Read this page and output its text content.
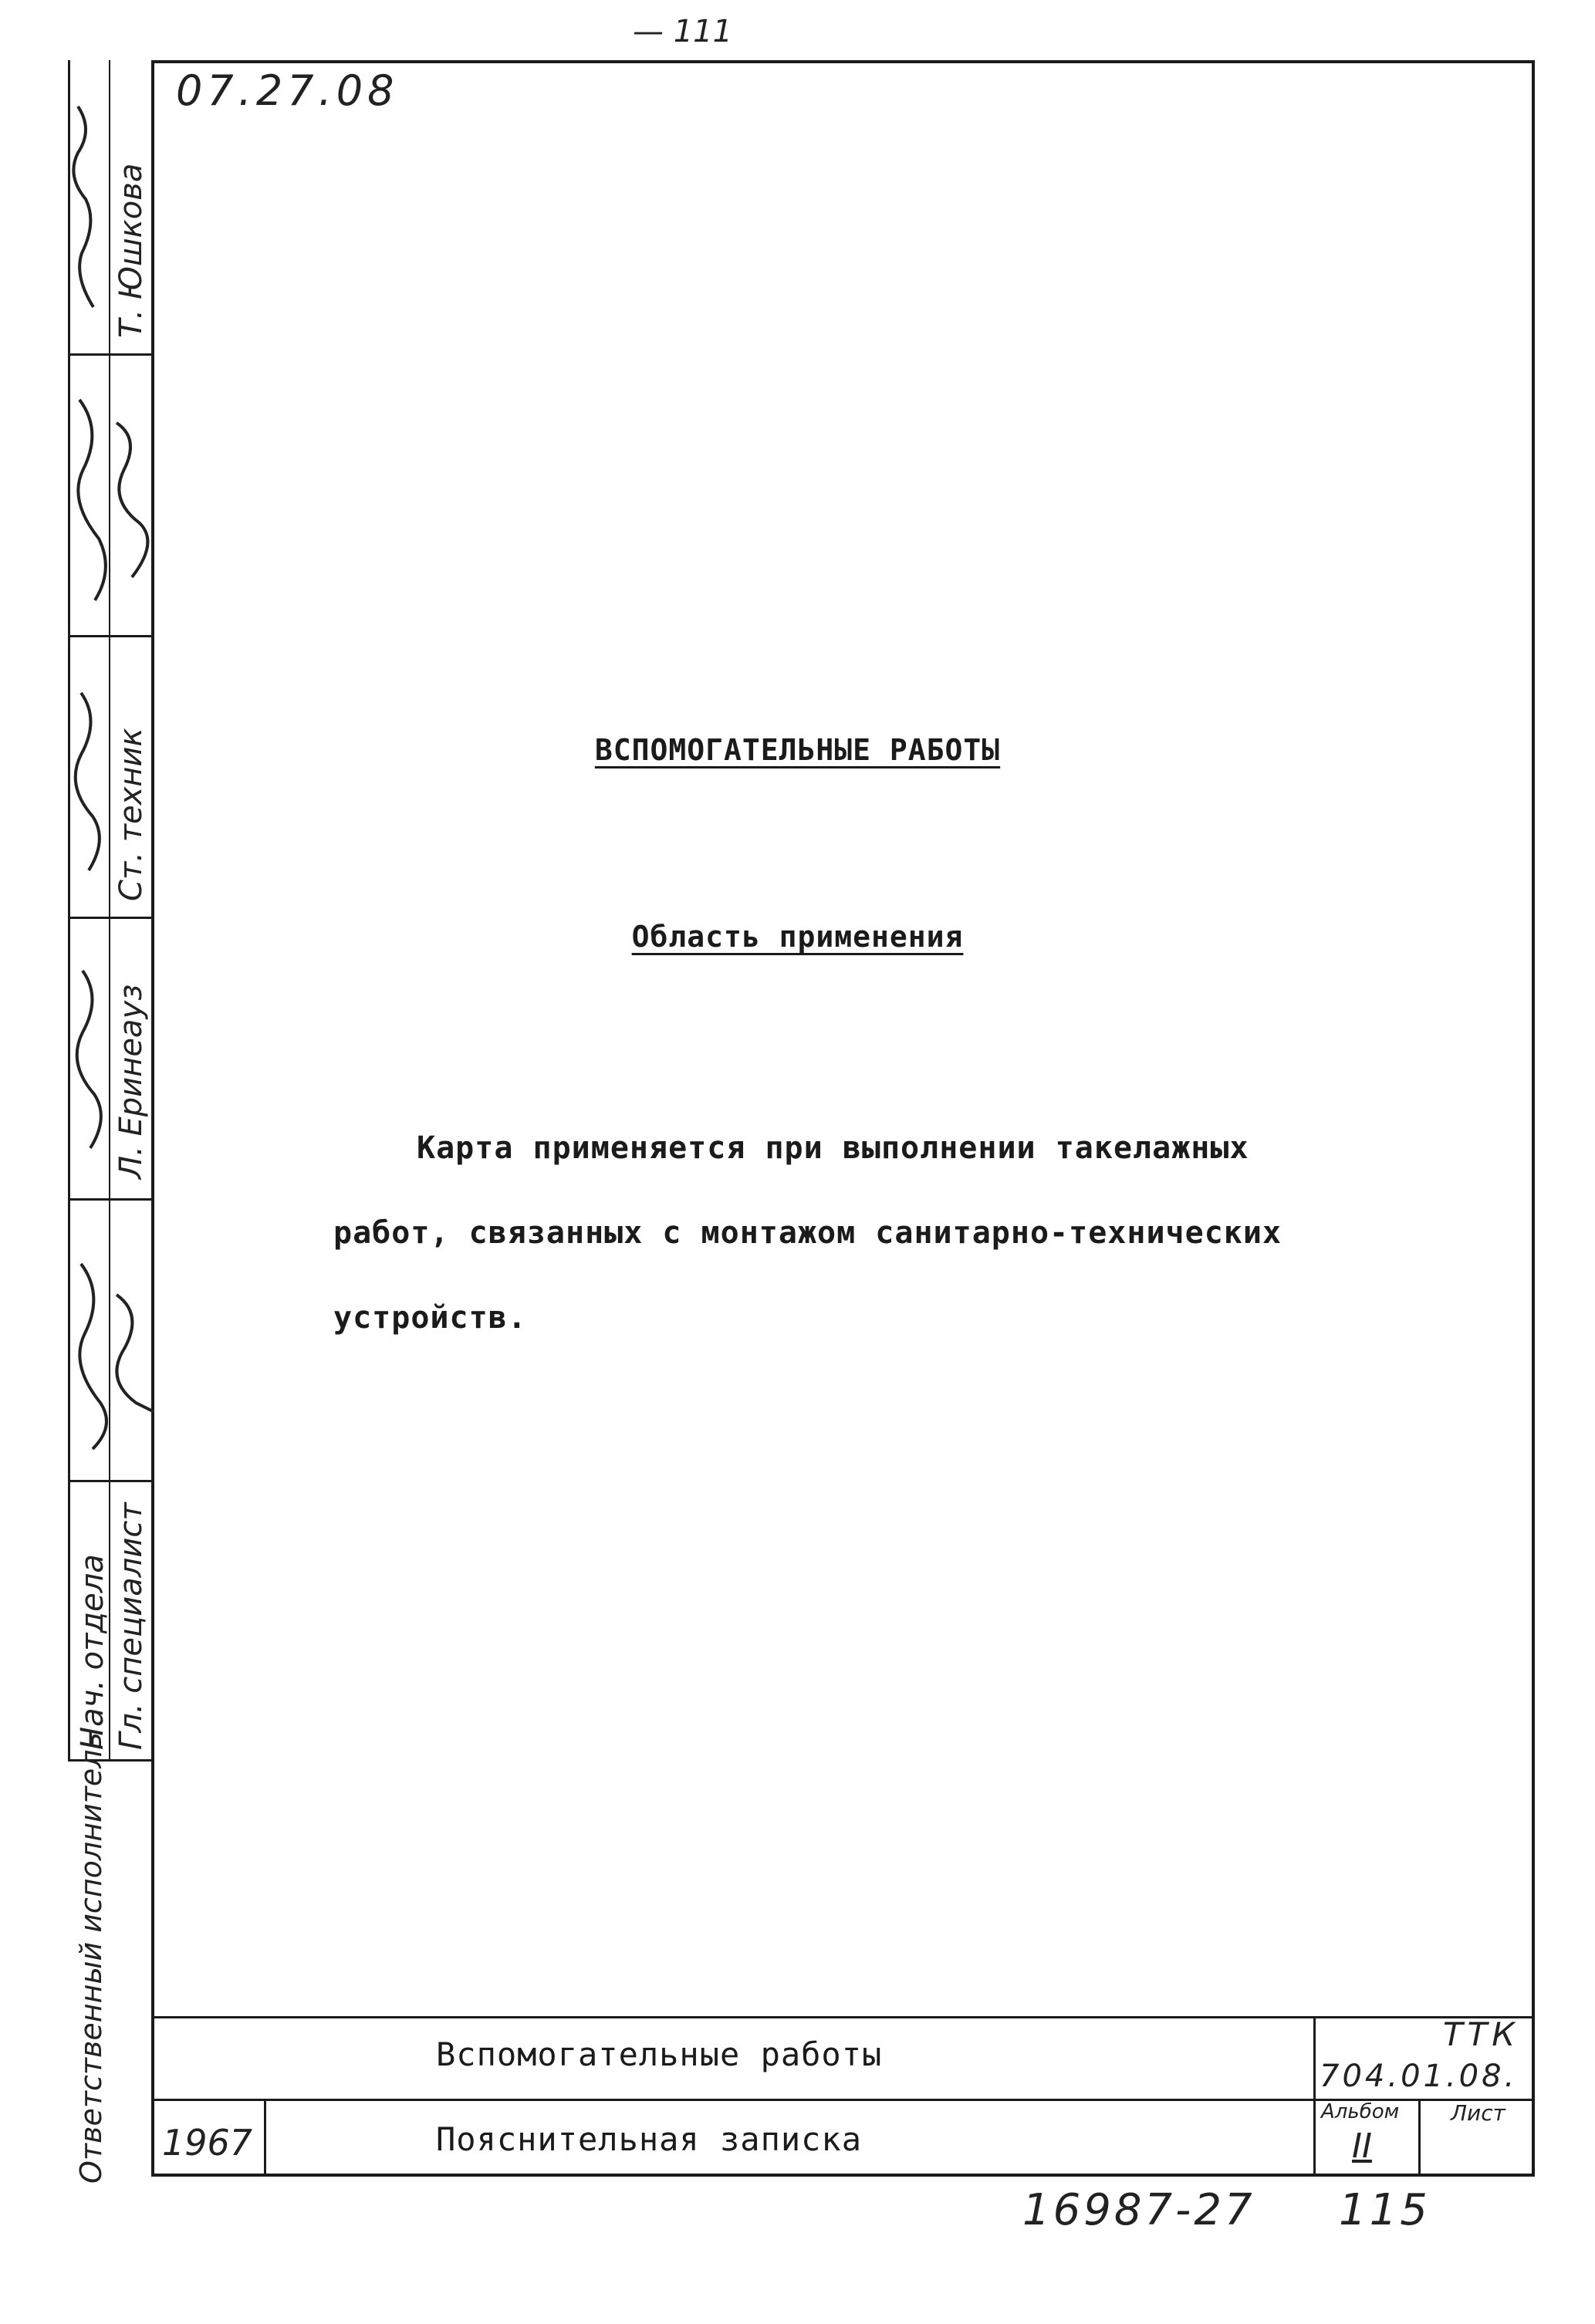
— 111
07.27.08
Т. Юшкова
Ст. техник
Л. Еринеауз
Гл. специалист
Нач. отдела
Ответственный исполнитель
ВСПОМОГАТЕЛЬНЫЕ РАБОТЫ
Область применения
Карта применяется при выполнении такелажных
работ, связанных с монтажом санитарно-технических
устройств.
Вспомогательные работы
Пояснительная записка
1967
ТТК
704.01.08.
Альбом
II
Лист
16987-27 115
